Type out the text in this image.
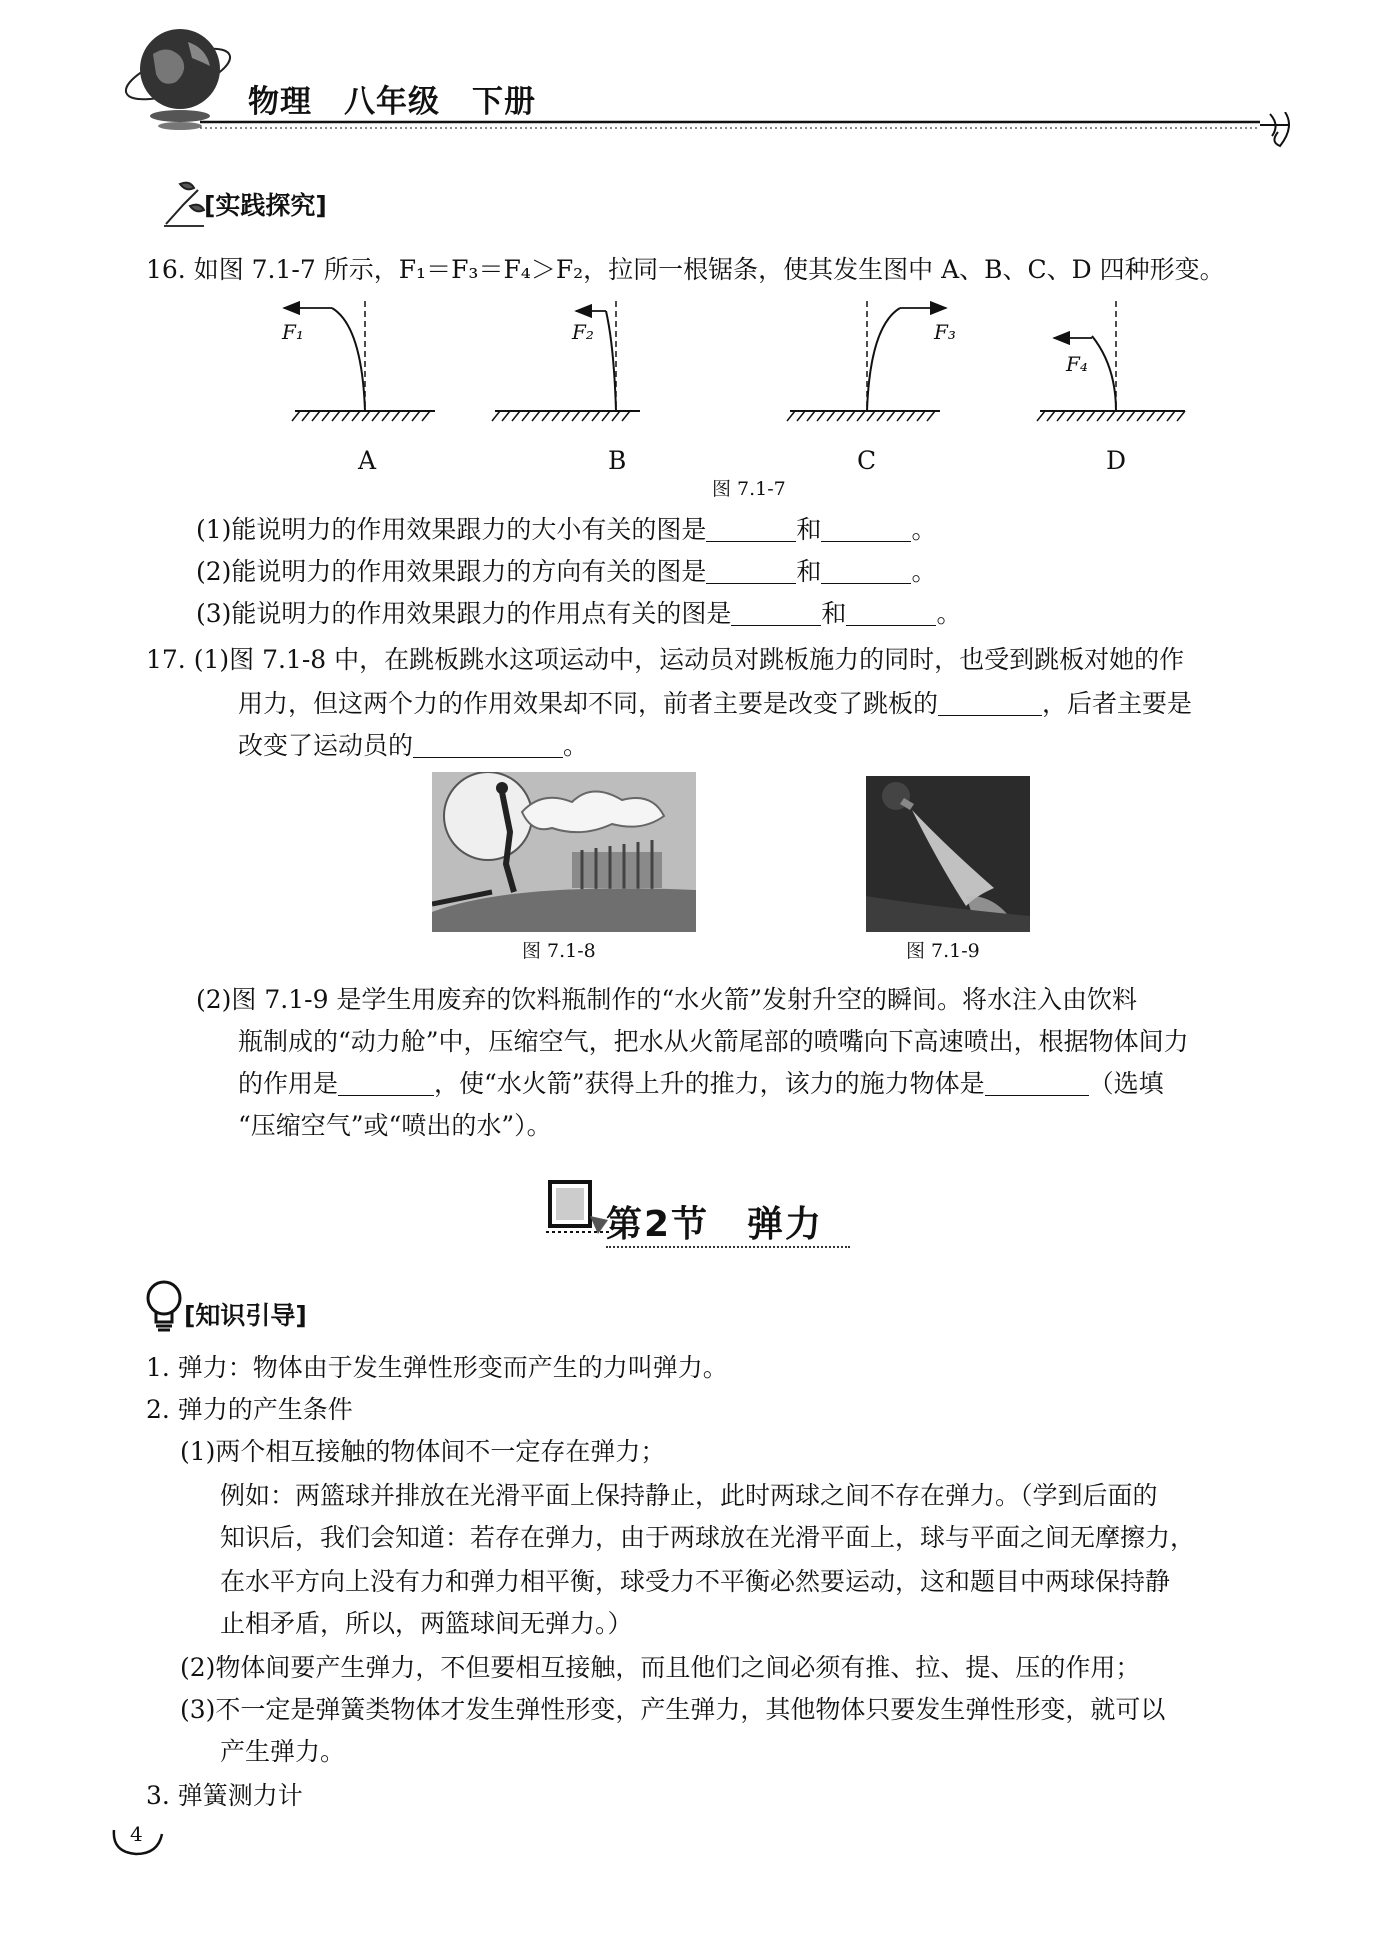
物理　八年级　下册
[实践探究]
16. 如图 7.1-7 所示，F₁＝F₃＝F₄＞F₂，拉同一根锯条，使其发生图中 A、B、C、D 四种形变。
F₁	F₂	F₃
F₄
A	B	C	D
图 7.1-7
(1)能说明力的作用效果跟力的大小有关的图是	和	。
(2)能说明力的作用效果跟力的方向有关的图是	和	。
(3)能说明力的作用效果跟力的作用点有关的图是	和	。
17. (1)图 7.1-8 中，在跳板跳水这项运动中，运动员对跳板施力的同时，也受到跳板对她的作
用力，但这两个力的作用效果却不同，前者主要是改变了跳板的	，后者主要是
改变了运动员的	。
图 7.1-8	图 7.1-9
(2)图 7.1-9 是学生用废弃的饮料瓶制作的“水火箭”发射升空的瞬间。将水注入由饮料
瓶制成的“动力舱”中，压缩空气，把水从火箭尾部的喷嘴向下高速喷出，根据物体间力
的作用是	，使“水火箭”获得上升的推力，该力的施力物体是	（选填
“压缩空气”或“喷出的水”）。
第2节　弹力
[知识引导]
1. 弹力：物体由于发生弹性形变而产生的力叫弹力。
2. 弹力的产生条件
(1)两个相互接触的物体间不一定存在弹力；
例如：两篮球并排放在光滑平面上保持静止，此时两球之间不存在弹力。（学到后面的
知识后，我们会知道：若存在弹力，由于两球放在光滑平面上，球与平面之间无摩擦力，
在水平方向上没有力和弹力相平衡，球受力不平衡必然要运动，这和题目中两球保持静
止相矛盾，所以，两篮球间无弹力。）
(2)物体间要产生弹力，不但要相互接触，而且他们之间必须有推、拉、提、压的作用；
(3)不一定是弹簧类物体才发生弹性形变，产生弹力，其他物体只要发生弹性形变，就可以
产生弹力。
3. 弹簧测力计
4
